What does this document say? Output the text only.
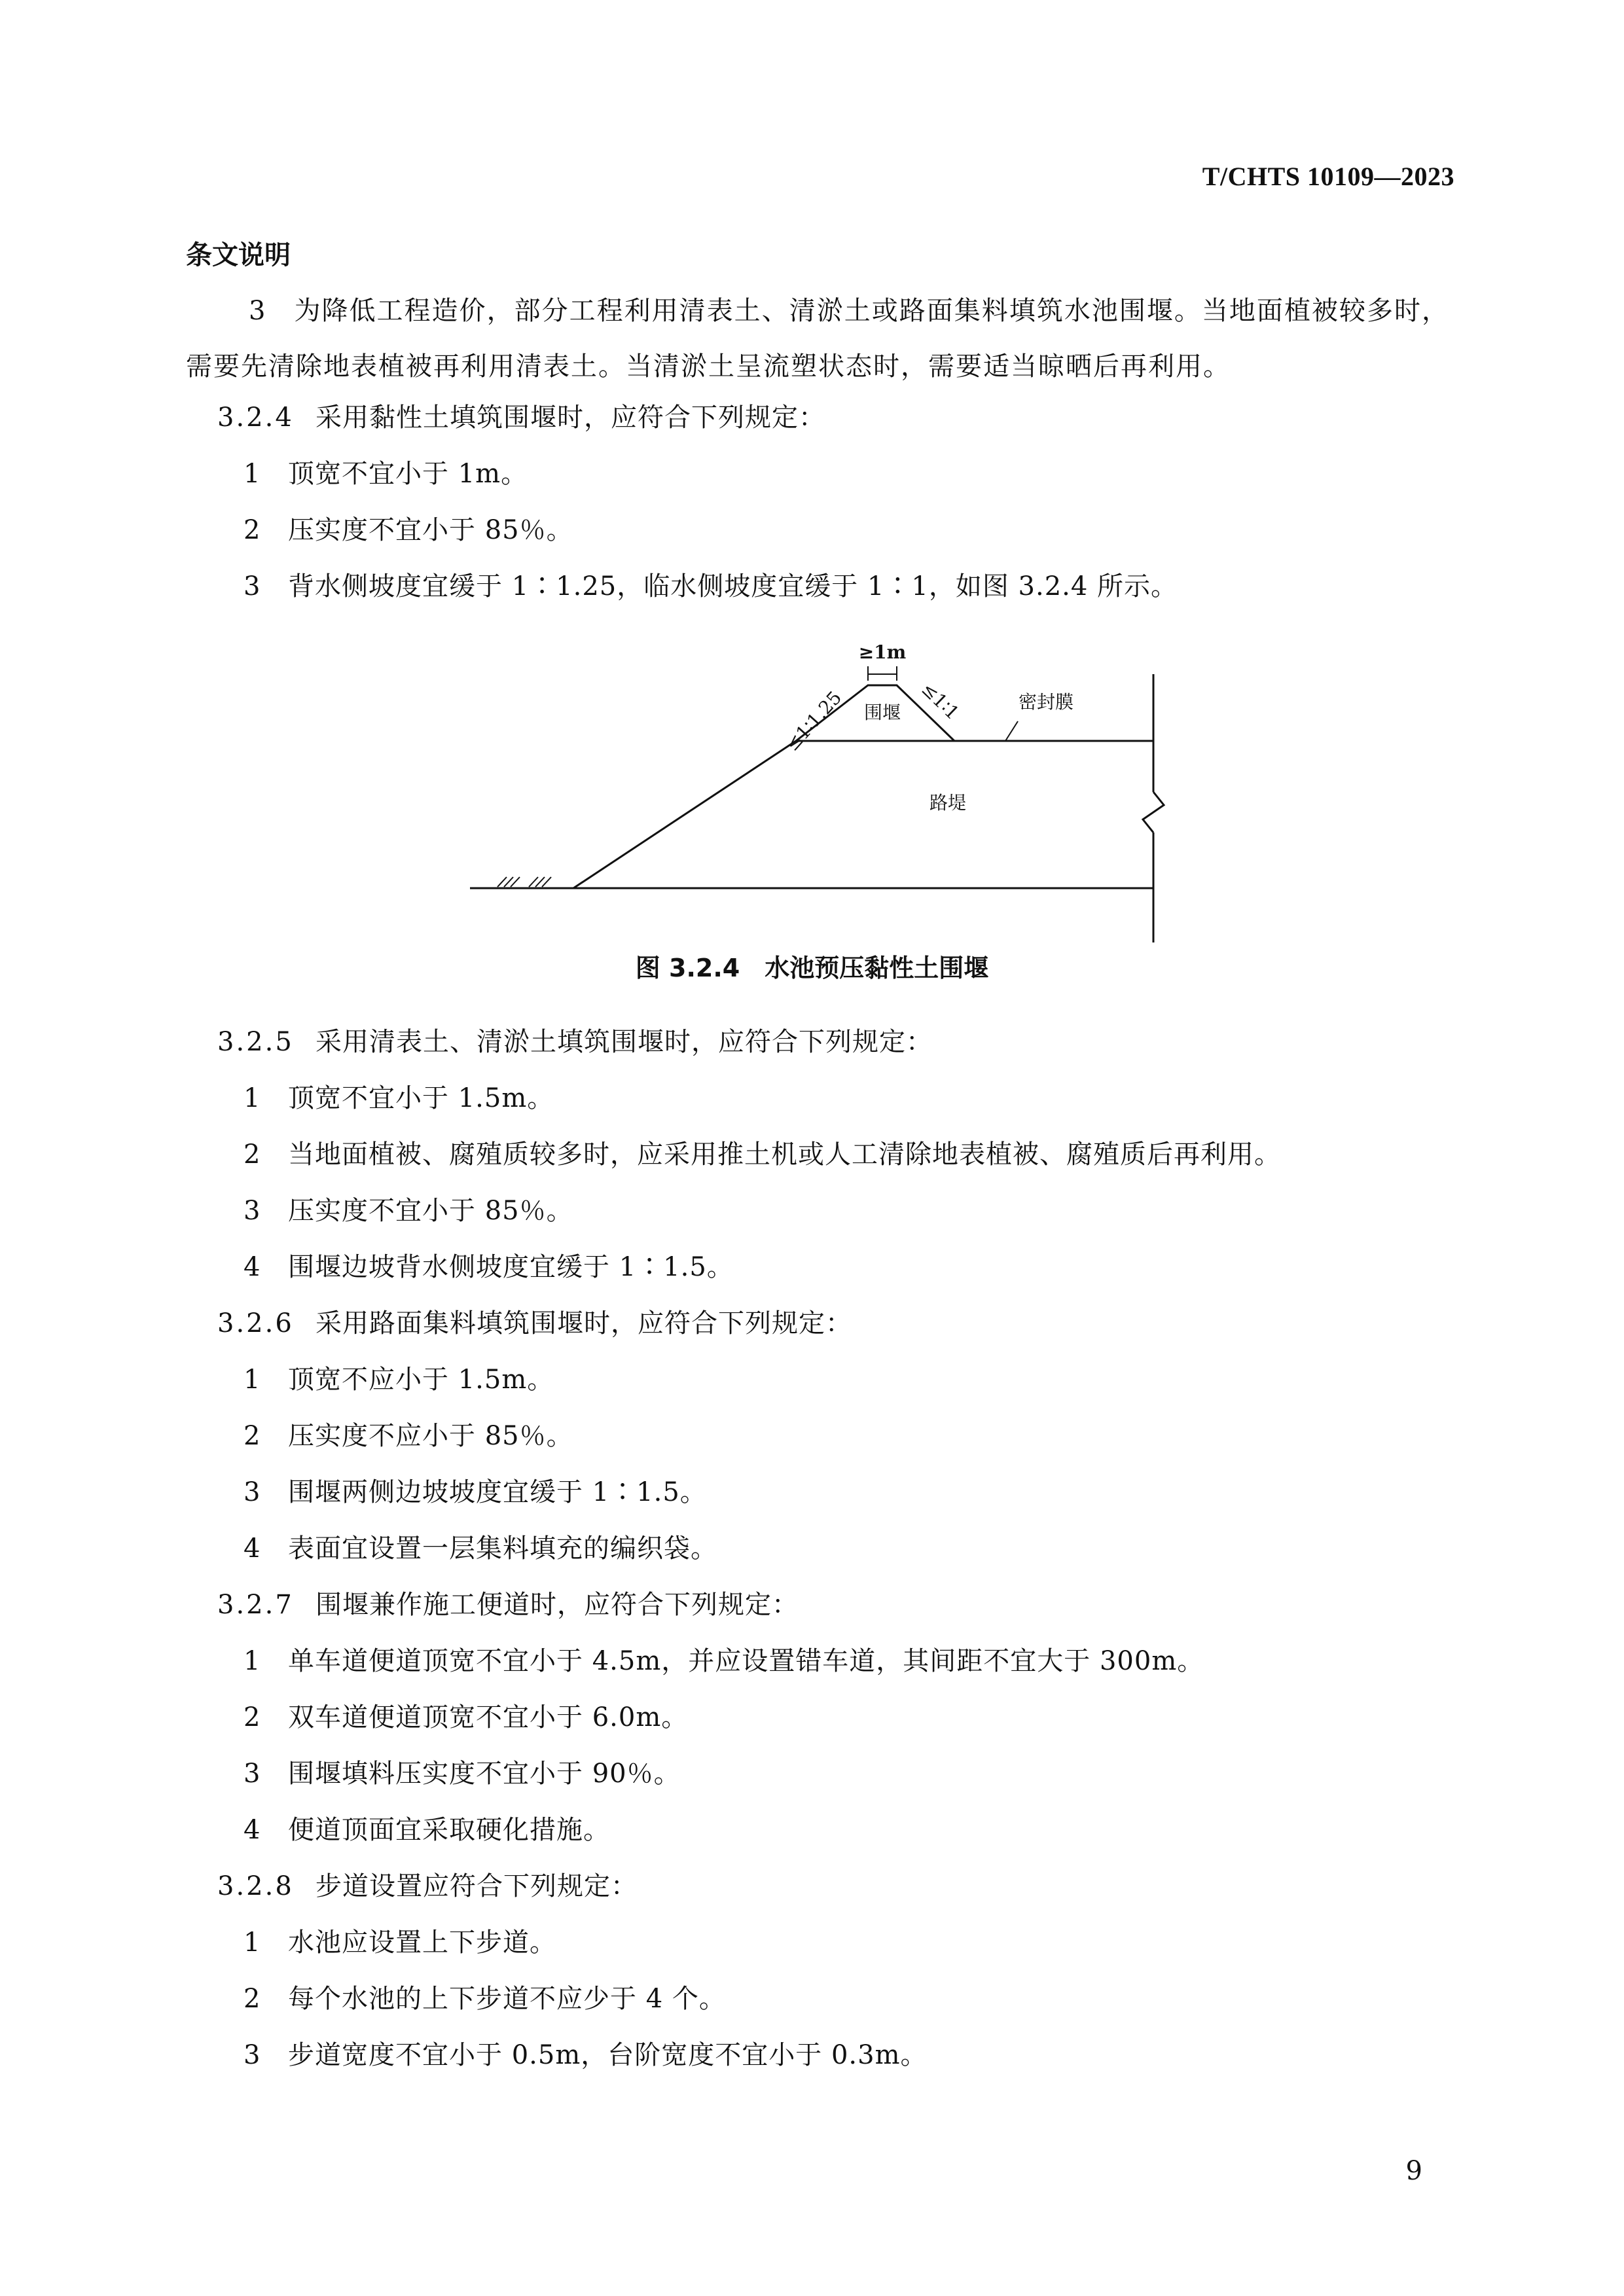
T/CHTS 10109—2023
条文说明
3　 为降低工程造价，部分工程利用清表土、清淤土或路面集料填筑水池围堰。当地面植被较多时，需要先清除地表植被再利用清表土。当清淤土呈流塑状态时，需要适当晾晒后再利用。
3.2.4 采用黏性土填筑围堰时，应符合下列规定：
1 顶宽不宜小于 1m。
2 压实度不宜小于 85％。
3 背水侧坡度宜缓于 1∶1.25，临水侧坡度宜缓于 1∶1，如图 3.2.4 所示。
≥1m
≤1∶1.25	≤1∶1
围堰	密封膜
路堤
图 3.2.4　水池预压黏性土围堰
3.2.5 采用清表土、清淤土填筑围堰时，应符合下列规定：
1 顶宽不宜小于 1.5m。
2 当地面植被、腐殖质较多时，应采用推土机或人工清除地表植被、腐殖质后再利用。
3 压实度不宜小于 85％。
4 围堰边坡背水侧坡度宜缓于 1∶1.5。
3.2.6 采用路面集料填筑围堰时，应符合下列规定：
1 顶宽不应小于 1.5m。
2 压实度不应小于 85％。
3 围堰两侧边坡坡度宜缓于 1∶1.5。
4 表面宜设置一层集料填充的编织袋。
3.2.7 围堰兼作施工便道时，应符合下列规定：
1 单车道便道顶宽不宜小于 4.5m，并应设置错车道，其间距不宜大于 300m。
2 双车道便道顶宽不宜小于 6.0m。
3 围堰填料压实度不宜小于 90％。
4 便道顶面宜采取硬化措施。
3.2.8 步道设置应符合下列规定：
1 水池应设置上下步道。
2 每个水池的上下步道不应少于 4 个。
3 步道宽度不宜小于 0.5m，台阶宽度不宜小于 0.3m。
9
